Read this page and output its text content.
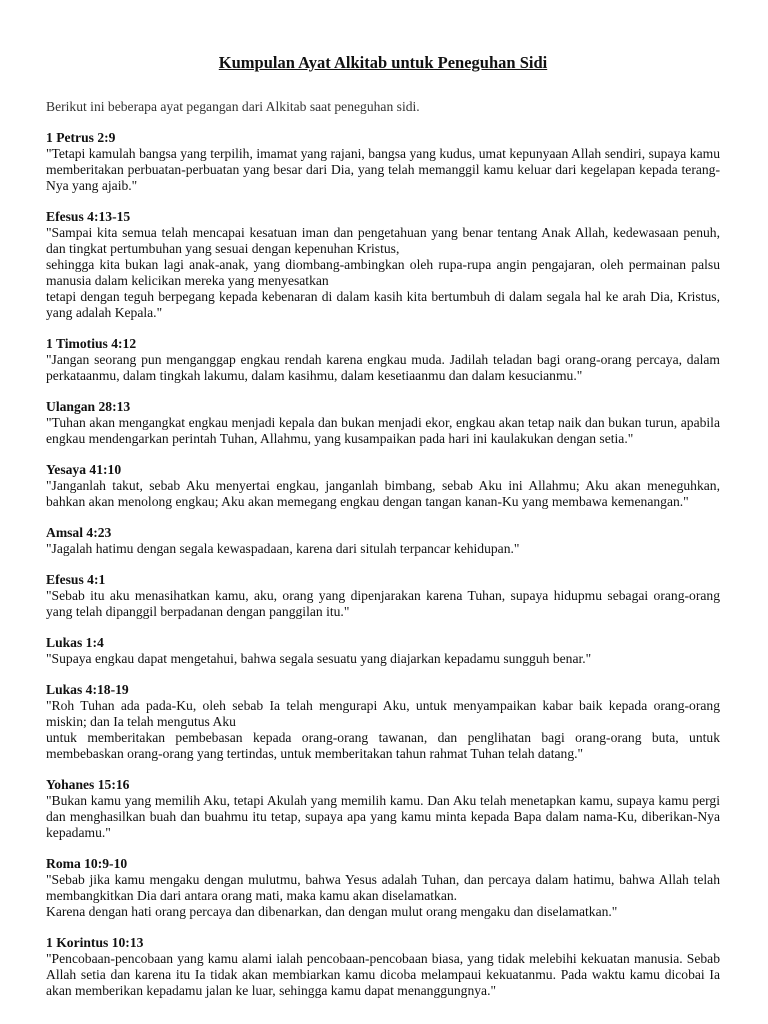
Kumpulan Ayat Alkitab untuk Peneguhan Sidi

Berikut ini beberapa ayat pegangan dari Alkitab saat peneguhan sidi.

1 Petrus 2:9

"Tetapi kamulah bangsa yang terpilih, imamat yang rajani, bangsa yang kudus, umat kepunyaan Allah sendiri, supaya kamu memberitakan perbuatan-perbuatan yang besar dari Dia, yang telah memanggil kamu keluar dari kegelapan kepada terang-Nya yang ajaib."

Efesus 4:13-15

"Sampai kita semua telah mencapai kesatuan iman dan pengetahuan yang benar tentang Anak Allah, kedewasaan penuh, dan tingkat pertumbuhan yang sesuai dengan kepenuhan Kristus,

sehingga kita bukan lagi anak-anak, yang diombang-ambingkan oleh rupa-rupa angin pengajaran, oleh permainan palsu manusia dalam kelicikan mereka yang menyesatkan

tetapi dengan teguh berpegang kepada kebenaran di dalam kasih kita bertumbuh di dalam segala hal ke arah Dia, Kristus, yang adalah Kepala."

1 Timotius 4:12

"Jangan seorang pun menganggap engkau rendah karena engkau muda. Jadilah teladan bagi orang-orang percaya, dalam perkataanmu, dalam tingkah lakumu, dalam kasihmu, dalam kesetiaanmu dan dalam kesucianmu."

Ulangan 28:13

"Tuhan akan mengangkat engkau menjadi kepala dan bukan menjadi ekor, engkau akan tetap naik dan bukan turun, apabila engkau mendengarkan perintah Tuhan, Allahmu, yang kusampaikan pada hari ini kaulakukan dengan setia."

Yesaya 41:10

"Janganlah takut, sebab Aku menyertai engkau, janganlah bimbang, sebab Aku ini Allahmu; Aku akan meneguhkan, bahkan akan menolong engkau; Aku akan memegang engkau dengan tangan kanan-Ku yang membawa kemenangan."

Amsal 4:23

"Jagalah hatimu dengan segala kewaspadaan, karena dari situlah terpancar kehidupan."

Efesus 4:1

"Sebab itu aku menasihatkan kamu, aku, orang yang dipenjarakan karena Tuhan, supaya hidupmu sebagai orang-orang yang telah dipanggil berpadanan dengan panggilan itu."

Lukas 1:4

"Supaya engkau dapat mengetahui, bahwa segala sesuatu yang diajarkan kepadamu sungguh benar."

Lukas 4:18-19

"Roh Tuhan ada pada-Ku, oleh sebab Ia telah mengurapi Aku, untuk menyampaikan kabar baik kepada orang-orang miskin; dan Ia telah mengutus Aku

untuk memberitakan pembebasan kepada orang-orang tawanan, dan penglihatan bagi orang-orang buta, untuk membebaskan orang-orang yang tertindas, untuk memberitakan tahun rahmat Tuhan telah datang."

Yohanes 15:16

"Bukan kamu yang memilih Aku, tetapi Akulah yang memilih kamu. Dan Aku telah menetapkan kamu, supaya kamu pergi dan menghasilkan buah dan buahmu itu tetap, supaya apa yang kamu minta kepada Bapa dalam nama-Ku, diberikan-Nya kepadamu."

Roma 10:9-10

"Sebab jika kamu mengaku dengan mulutmu, bahwa Yesus adalah Tuhan, dan percaya dalam hatimu, bahwa Allah telah membangkitkan Dia dari antara orang mati, maka kamu akan diselamatkan.

Karena dengan hati orang percaya dan dibenarkan, dan dengan mulut orang mengaku dan diselamatkan."

1 Korintus 10:13

"Pencobaan-pencobaan yang kamu alami ialah pencobaan-pencobaan biasa, yang tidak melebihi kekuatan manusia. Sebab Allah setia dan karena itu Ia tidak akan membiarkan kamu dicoba melampaui kekuatanmu. Pada waktu kamu dicobai Ia akan memberikan kepadamu jalan ke luar, sehingga kamu dapat menanggungnya."
